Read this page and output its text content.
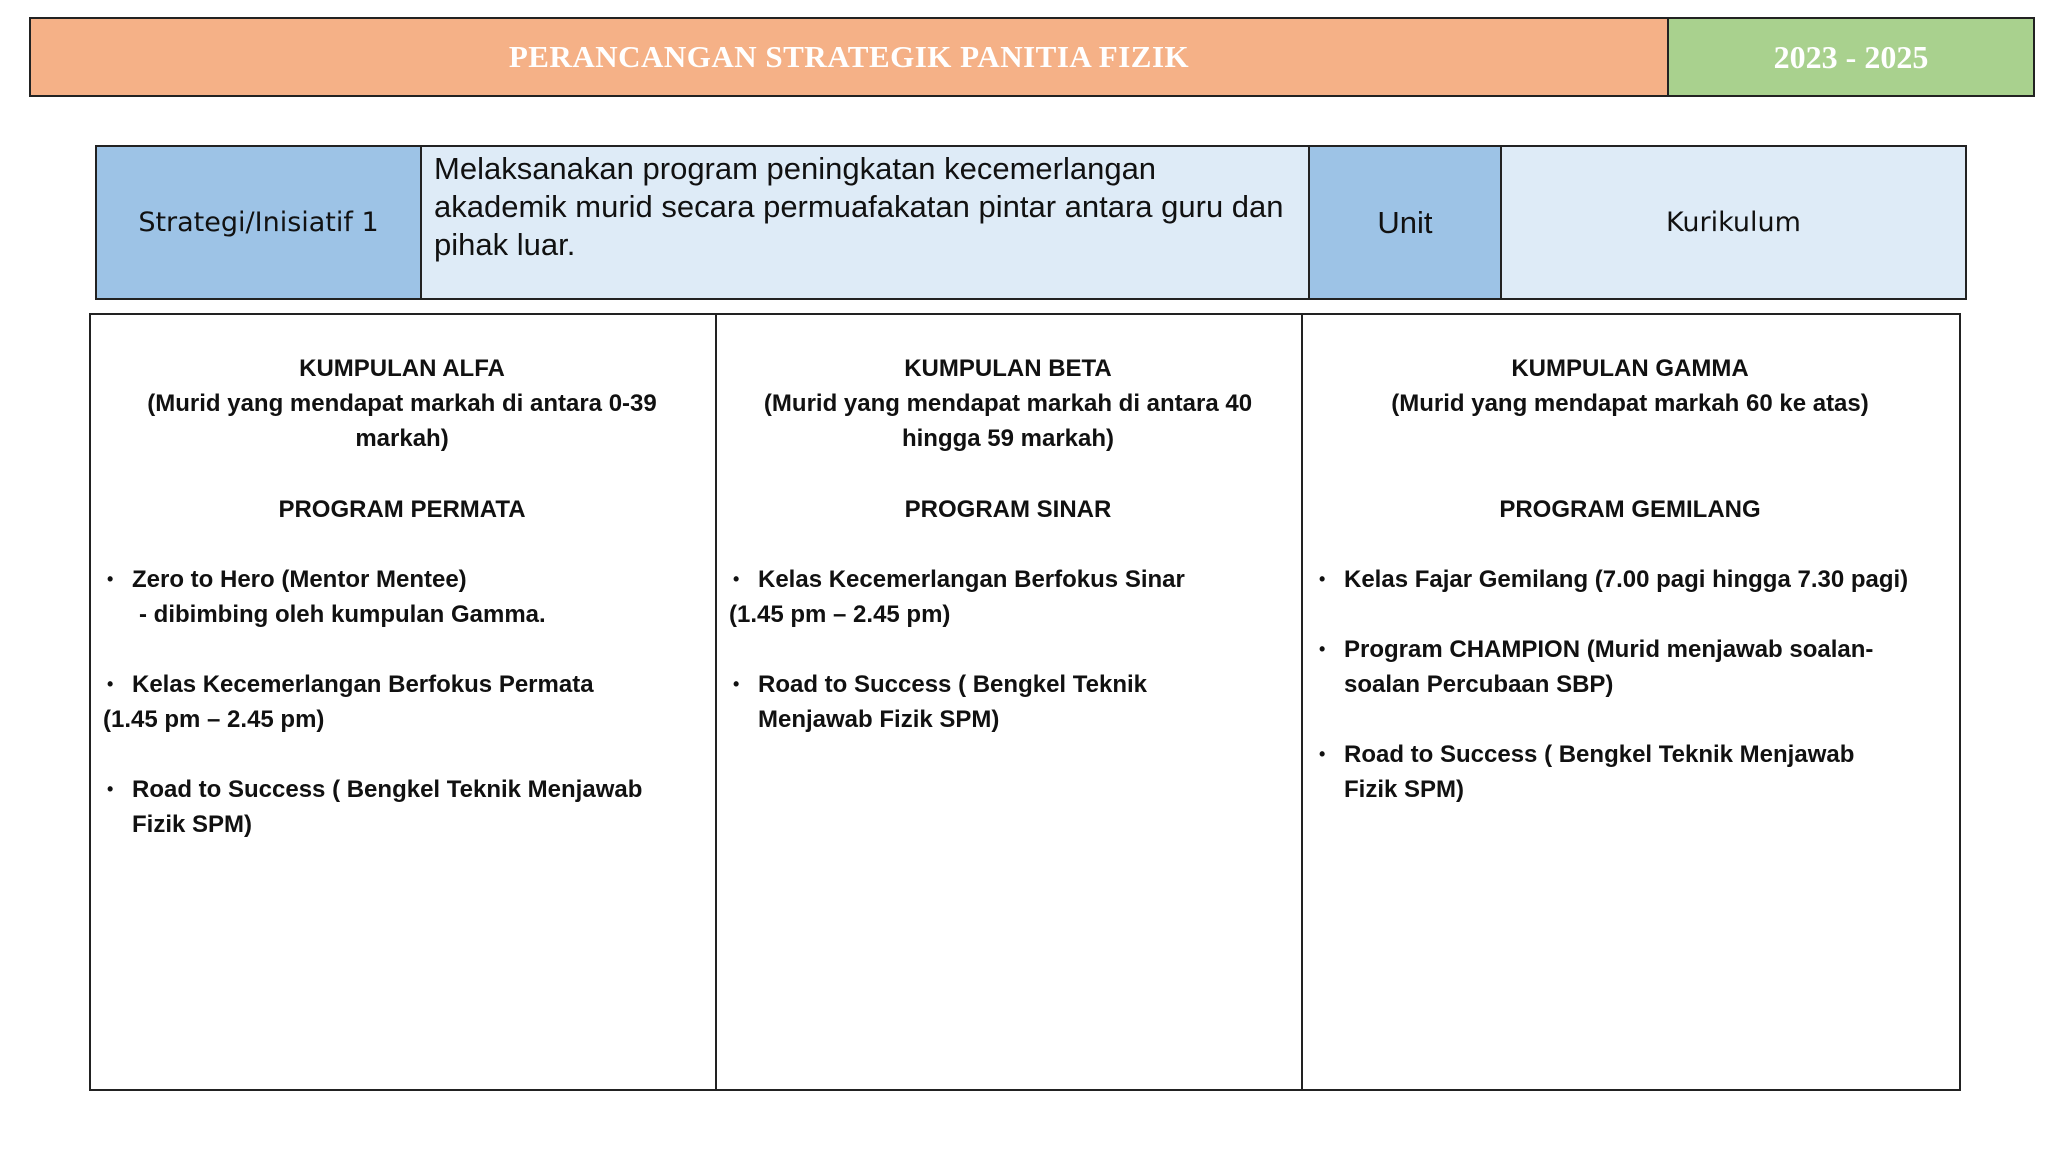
PERANCANGAN STRATEGIK PANITIA FIZIK	2023 - 2025
Strategi/Inisiatif 1
Melaksanakan program peningkatan kecemerlangan akademik murid secara permuafakatan pintar antara guru dan pihak luar.
Unit	Kurikulum
KUMPULAN ALFA
(Murid yang mendapat markah di antara 0-39 markah)
PROGRAM PERMATA
• Zero to Hero (Mentor Mentee)
- dibimbing oleh kumpulan Gamma.
• Kelas Kecemerlangan Berfokus Permata
(1.45 pm – 2.45 pm)
• Road to Success ( Bengkel Teknik Menjawab
Fizik SPM)
KUMPULAN BETA
(Murid yang mendapat markah di antara 40 hingga 59 markah)
PROGRAM SINAR
• Kelas Kecemerlangan Berfokus Sinar
(1.45 pm – 2.45 pm)
• Road to Success ( Bengkel Teknik
Menjawab Fizik SPM)
KUMPULAN GAMMA
(Murid yang mendapat markah 60 ke atas)
PROGRAM GEMILANG
• Kelas Fajar Gemilang (7.00 pagi hingga 7.30 pagi)
• Program CHAMPION (Murid menjawab soalan-
soalan Percubaan SBP)
• Road to Success ( Bengkel Teknik Menjawab
Fizik SPM)
